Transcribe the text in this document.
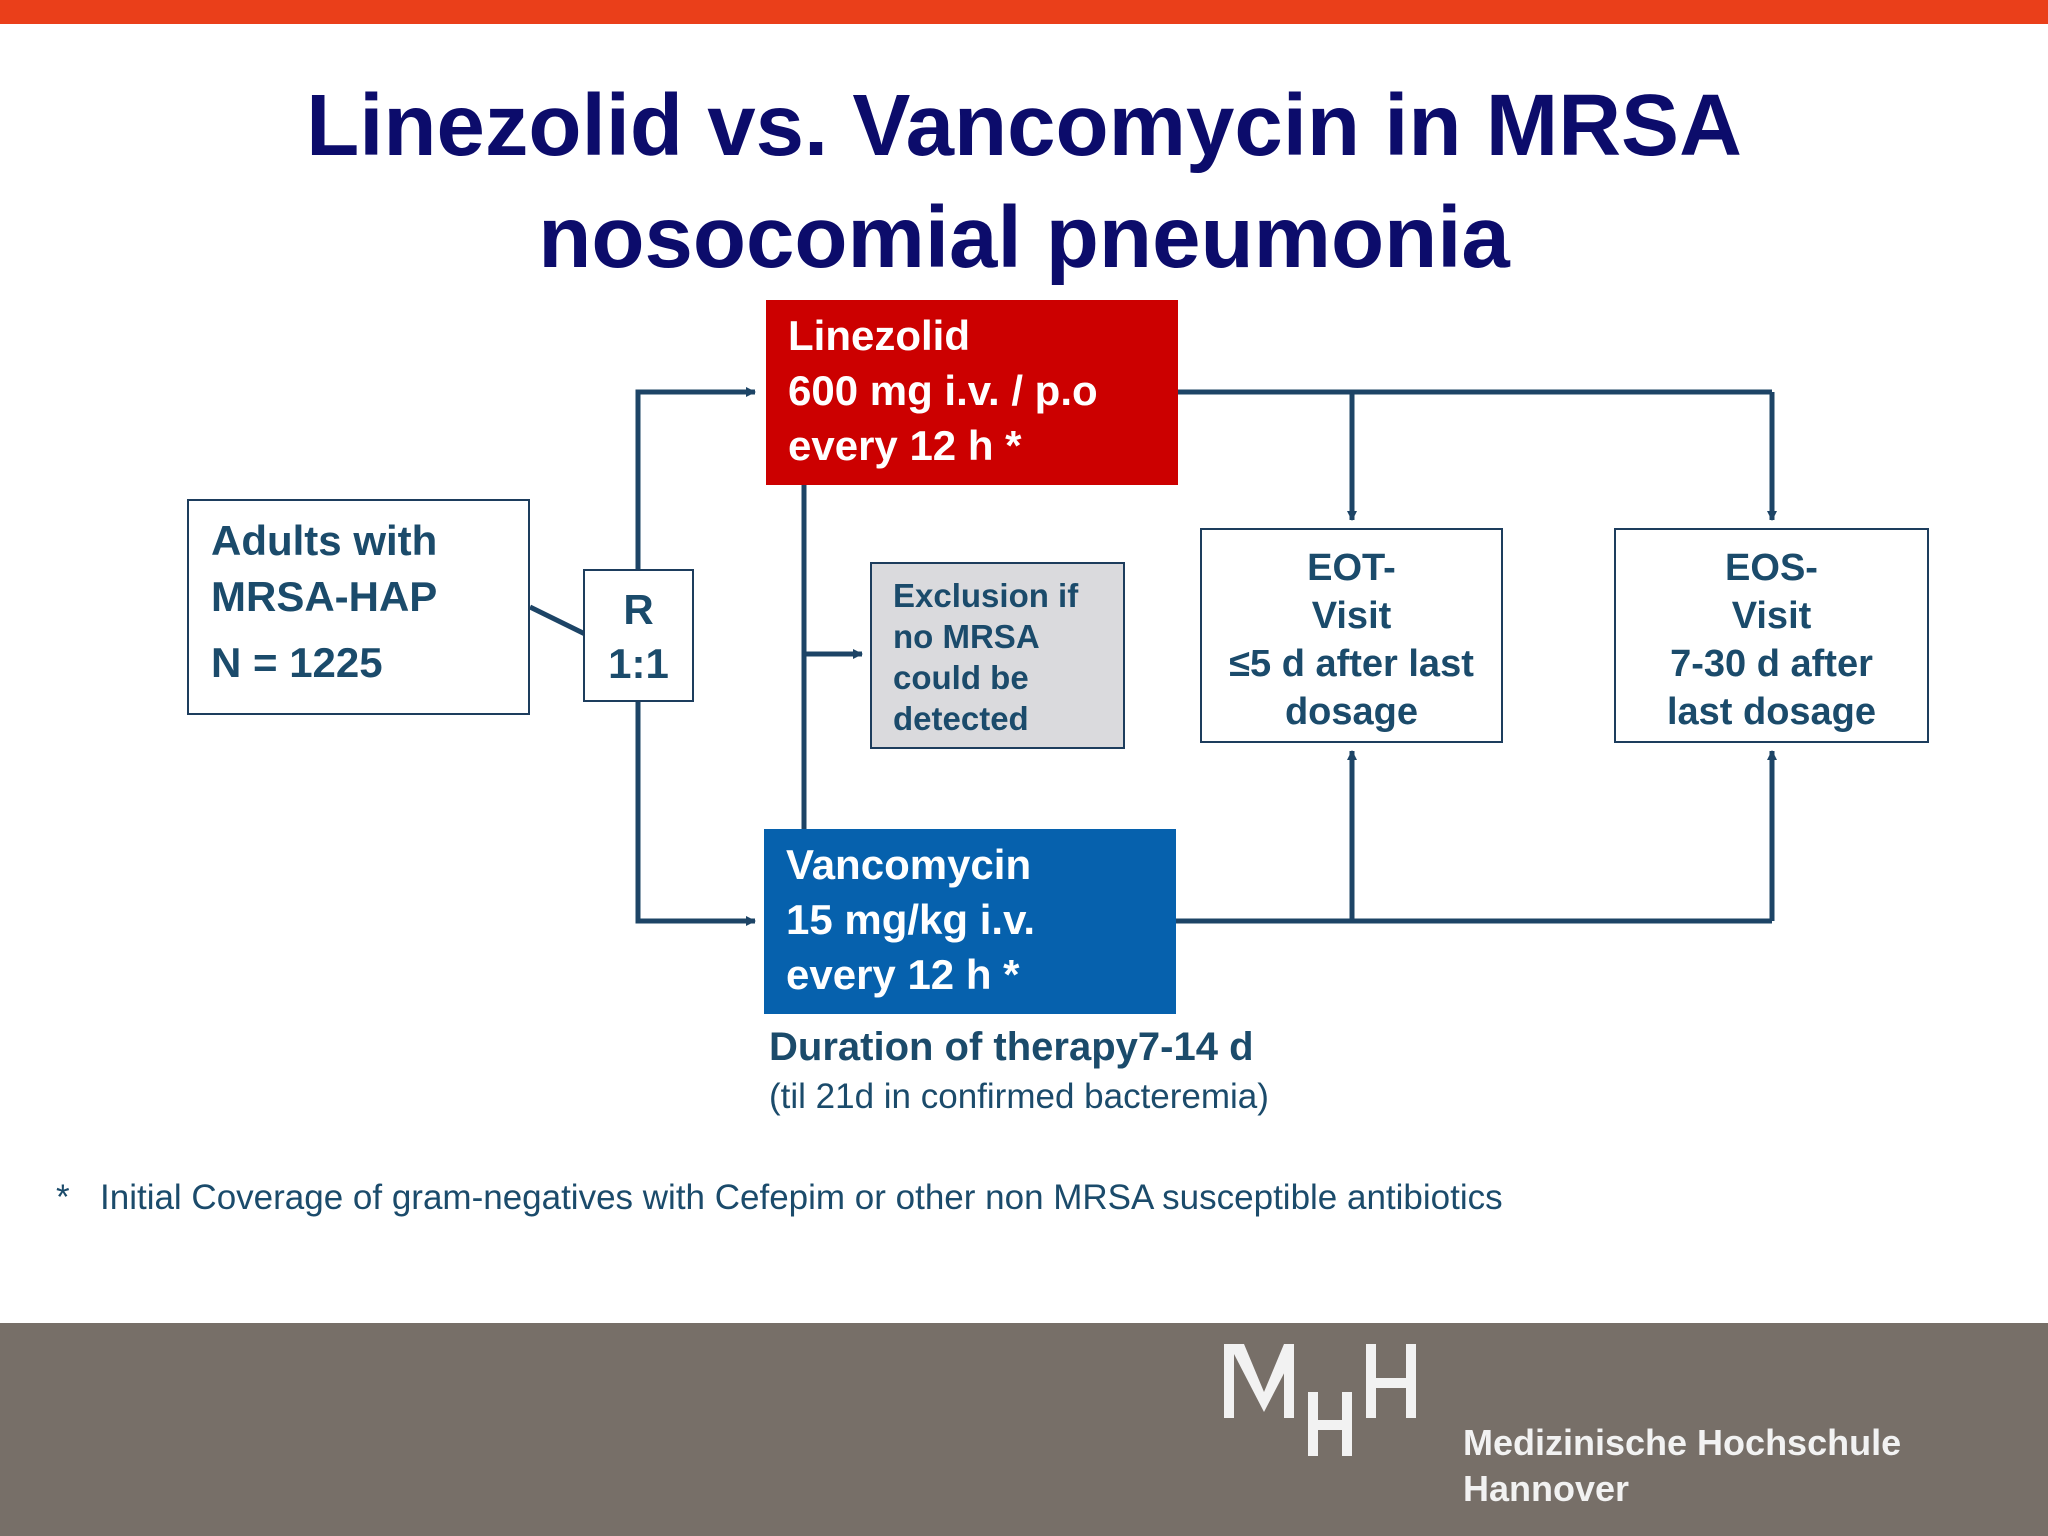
Linezolid vs. Vancomycin in MRSA
nosocomial pneumonia
Adults with
MRSA-HAP
N = 1225
R
1:1
Linezolid
600 mg i.v. / p.o
every 12 h *
Vancomycin
15 mg/kg i.v.
every 12 h *
Exclusion if
no MRSA
could be
detected
EOT-
Visit
≤5 d after last
dosage
EOS-
Visit
7-30 d after
last dosage
Duration of therapy7-14 d
(til 21d in confirmed bacteremia)
* Initial Coverage of gram-negatives with Cefepim or other non MRSA susceptible antibiotics
Medizinische Hochschule
Hannover
